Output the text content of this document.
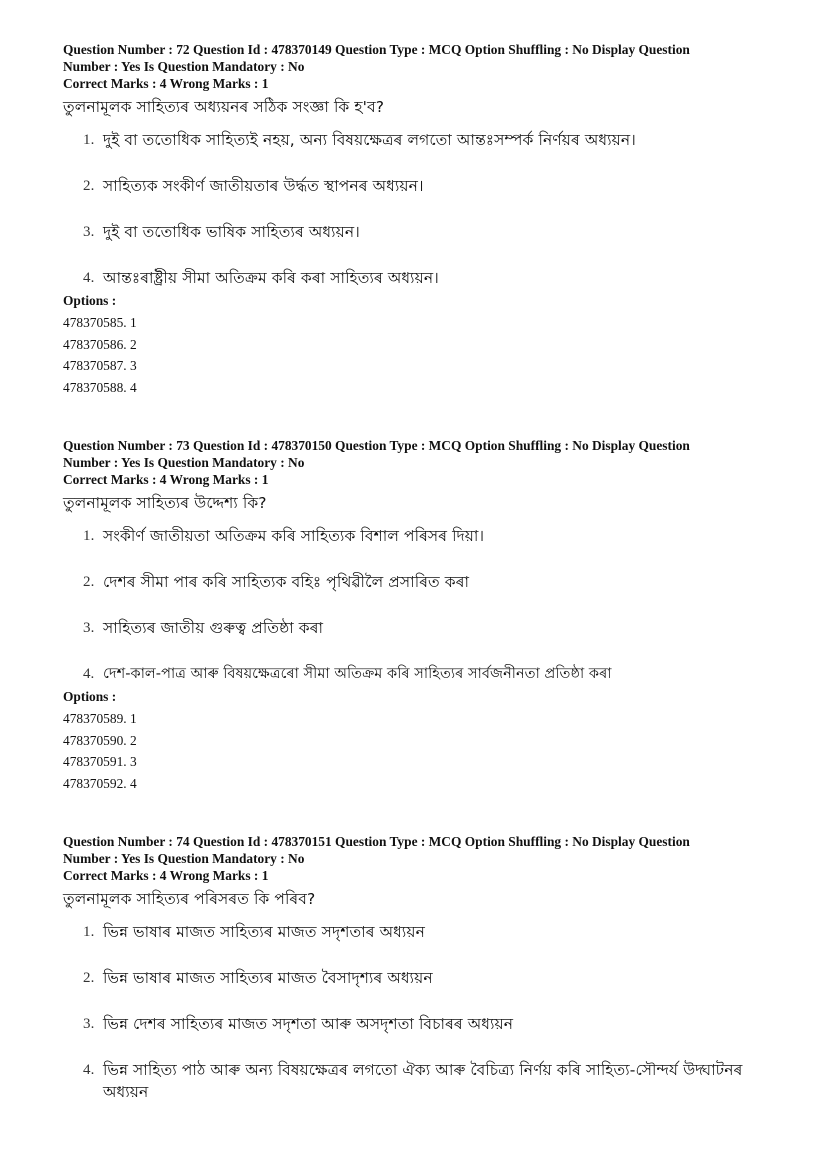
Question Number : 72 Question Id : 478370149 Question Type : MCQ Option Shuffling : No Display Question

Number : Yes Is Question Mandatory : No

Correct Marks : 4 Wrong Marks : 1

তুলনামূলক সাহিত্যৰ অধ্যয়নৰ সঠিক সংজ্ঞা কি হ'ব?

1. দুই বা ততোধিক সাহিত্যই নহয়, অন্য বিষয়ক্ষেত্ৰৰ লগতো আন্তঃসম্পৰ্ক নিৰ্ণয়ৰ অধ্যয়ন।
2. সাহিত্যক সংকীৰ্ণ জাতীয়তাৰ উৰ্দ্ধত স্থাপনৰ অধ্যয়ন।
3. দুই বা ততোধিক ভাষিক সাহিত্যৰ অধ্যয়ন।
4. আন্তঃৰাষ্ট্ৰীয় সীমা অতিক্ৰম কৰি কৰা সাহিত্যৰ অধ্যয়ন।

Options :

478370585. 1
478370586. 2
478370587. 3
478370588. 4

Question Number : 73 Question Id : 478370150 Question Type : MCQ Option Shuffling : No Display Question

Number : Yes Is Question Mandatory : No

Correct Marks : 4 Wrong Marks : 1

তুলনামূলক সাহিত্যৰ উদ্দেশ্য কি?

1. সংকীৰ্ণ জাতীয়তা অতিক্ৰম কৰি সাহিত্যক বিশাল পৰিসৰ দিয়া।
2. দেশৰ সীমা পাৰ কৰি সাহিত্যক বহিঃ পৃথিৱীলৈ প্ৰসাৰিত কৰা
3. সাহিত্যৰ জাতীয় গুৰুত্ব প্ৰতিষ্ঠা কৰা
4. দেশ-কাল-পাত্ৰ আৰু বিষয়ক্ষেত্ৰৰো সীমা অতিক্ৰম কৰি সাহিত্যৰ সাৰ্বজনীনতা প্ৰতিষ্ঠা কৰা

Options :

478370589. 1
478370590. 2
478370591. 3
478370592. 4

Question Number : 74 Question Id : 478370151 Question Type : MCQ Option Shuffling : No Display Question

Number : Yes Is Question Mandatory : No

Correct Marks : 4 Wrong Marks : 1

তুলনামূলক সাহিত্যৰ পৰিসৰত কি পৰিব?

1. ভিন্ন ভাষাৰ মাজত সাহিত্যৰ মাজত সদৃশতাৰ অধ্যয়ন
2. ভিন্ন ভাষাৰ মাজত সাহিত্যৰ মাজত বৈসাদৃশ্যৰ অধ্যয়ন
3. ভিন্ন দেশৰ সাহিত্যৰ মাজত সদৃশতা আৰু অসদৃশতা বিচাৰৰ অধ্যয়ন
4. ভিন্ন সাহিত্য পাঠ আৰু অন্য বিষয়ক্ষেত্ৰৰ লগতো ঐক্য আৰু বৈচিত্ৰ্য নিৰ্ণয় কৰি সাহিত্য-সৌন্দৰ্য উদ্ঘাটনৰ অধ্যয়ন
